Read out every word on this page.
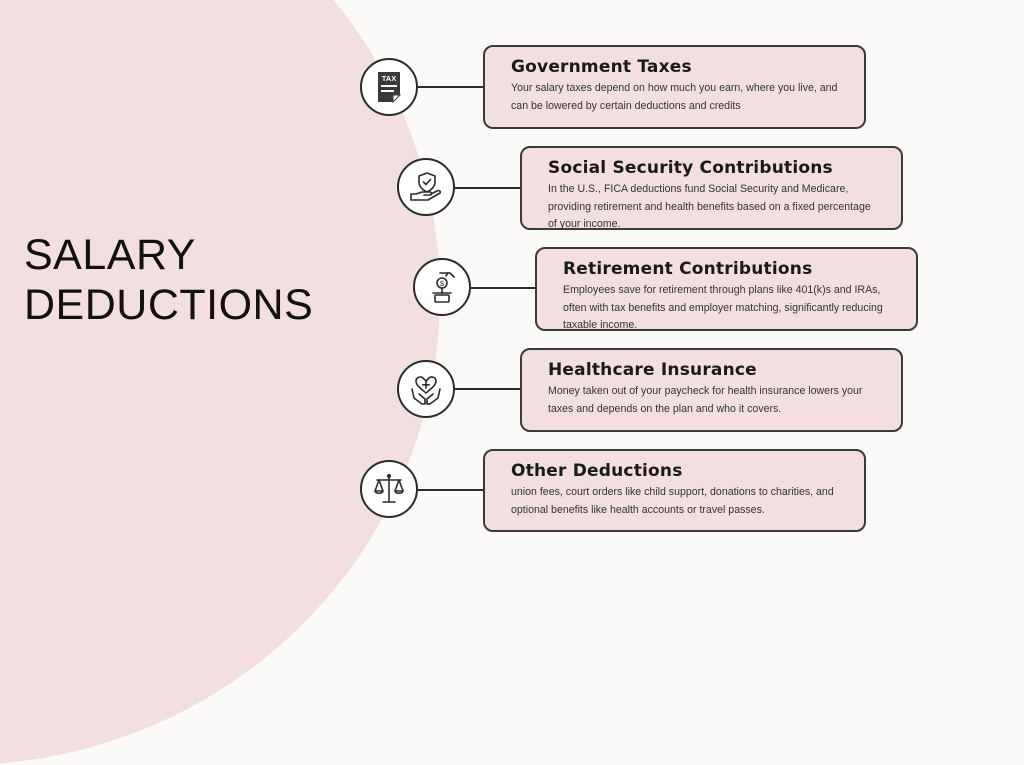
SALARY
DEDUCTIONS
TAX
Government Taxes

Your salary taxes depend on how much you earn, where you live, and can be lowered by certain deductions and credits

Social Security Contributions

In the U.S., FICA deductions fund Social Security and Medicare, providing retirement and health benefits based on a fixed percentage of your income.

$
Retirement Contributions

Employees save for retirement through plans like 401(k)s and IRAs, often with tax benefits and employer matching, significantly reducing taxable income.

Healthcare Insurance

Money taken out of your paycheck for health insurance lowers your taxes and depends on the plan and who it covers.

Other Deductions

union fees, court orders like child support, donations to charities, and optional benefits like health accounts or travel passes.
